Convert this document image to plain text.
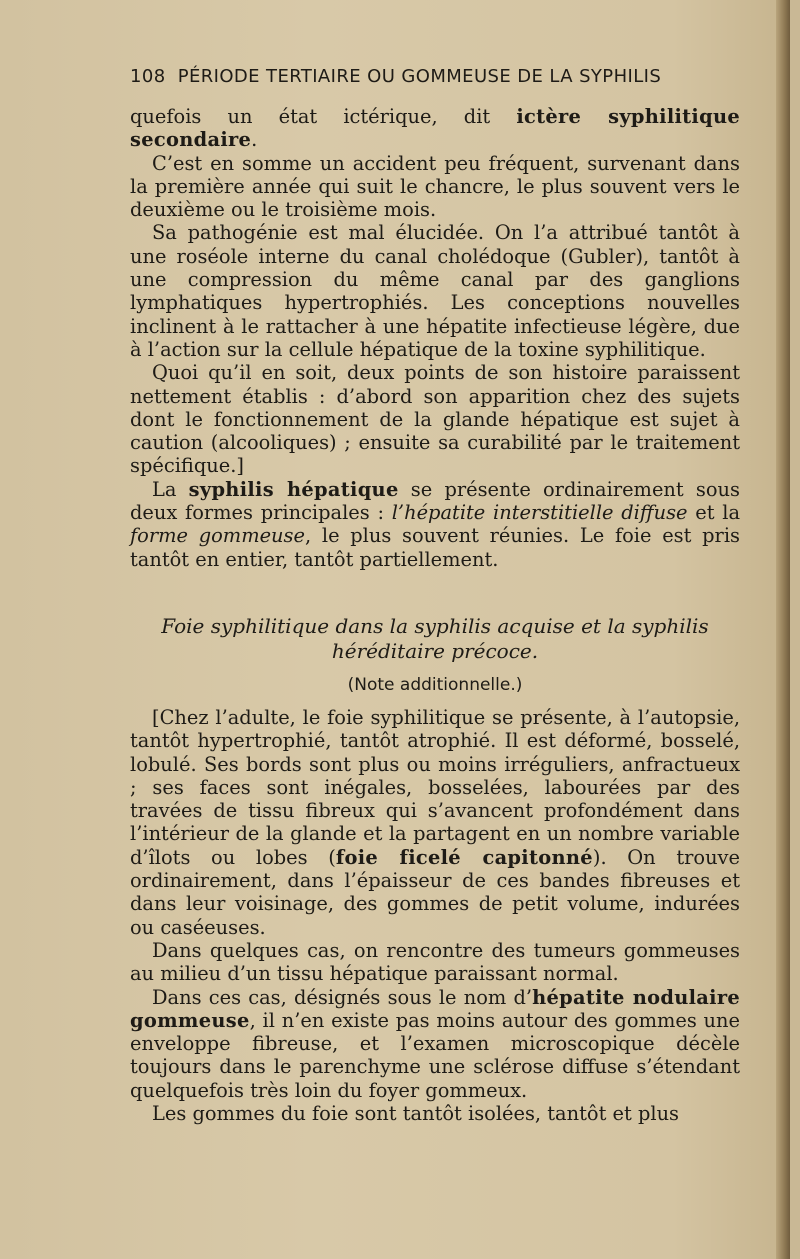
108 PÉRIODE TERTIAIRE OU GOMMEUSE DE LA SYPHILIS

quefois un état ictérique, dit ictère syphilitique secondaire.

C’est en somme un accident peu fréquent, survenant dans la première année qui suit le chancre, le plus souvent vers le deuxième ou le troisième mois.

Sa pathogénie est mal élucidée. On l’a attribué tantôt à une roséole interne du canal cholédoque (Gubler), tantôt à une compression du même canal par des ganglions lymphatiques hypertrophiés. Les conceptions nouvelles inclinent à le rattacher à une hépatite infectieuse légère, due à l’action sur la cellule hépatique de la toxine syphilitique.

Quoi qu’il en soit, deux points de son histoire paraissent nettement établis : d’abord son apparition chez des sujets dont le fonctionnement de la glande hépatique est sujet à caution (alcooliques) ; ensuite sa curabilité par le traitement spécifique.]

La syphilis hépatique se présente ordinairement sous deux formes principales : l’hépatite interstitielle diffuse et la forme gommeuse, le plus souvent réunies. Le foie est pris tantôt en entier, tantôt partiellement.

Foie syphilitique dans la syphilis acquise et la syphilis
héréditaire précoce.
(Note additionnelle.)

[Chez l’adulte, le foie syphilitique se présente, à l’autopsie, tantôt hypertrophié, tantôt atrophié. Il est déformé, bosselé, lobulé. Ses bords sont plus ou moins irréguliers, anfractueux ; ses faces sont inégales, bosselées, labourées par des travées de tissu fibreux qui s’avancent profondément dans l’intérieur de la glande et la partagent en un nombre variable d’îlots ou lobes (foie ficelé capitonné). On trouve ordinairement, dans l’épaisseur de ces bandes fibreuses et dans leur voisinage, des gommes de petit volume, indurées ou caséeuses.

Dans quelques cas, on rencontre des tumeurs gommeuses au milieu d’un tissu hépatique paraissant normal.

Dans ces cas, désignés sous le nom d’hépatite nodulaire gommeuse, il n’en existe pas moins autour des gommes une enveloppe fibreuse, et l’examen microscopique décèle toujours dans le parenchyme une sclérose diffuse s’étendant quelquefois très loin du foyer gommeux.

Les gommes du foie sont tantôt isolées, tantôt et plus
